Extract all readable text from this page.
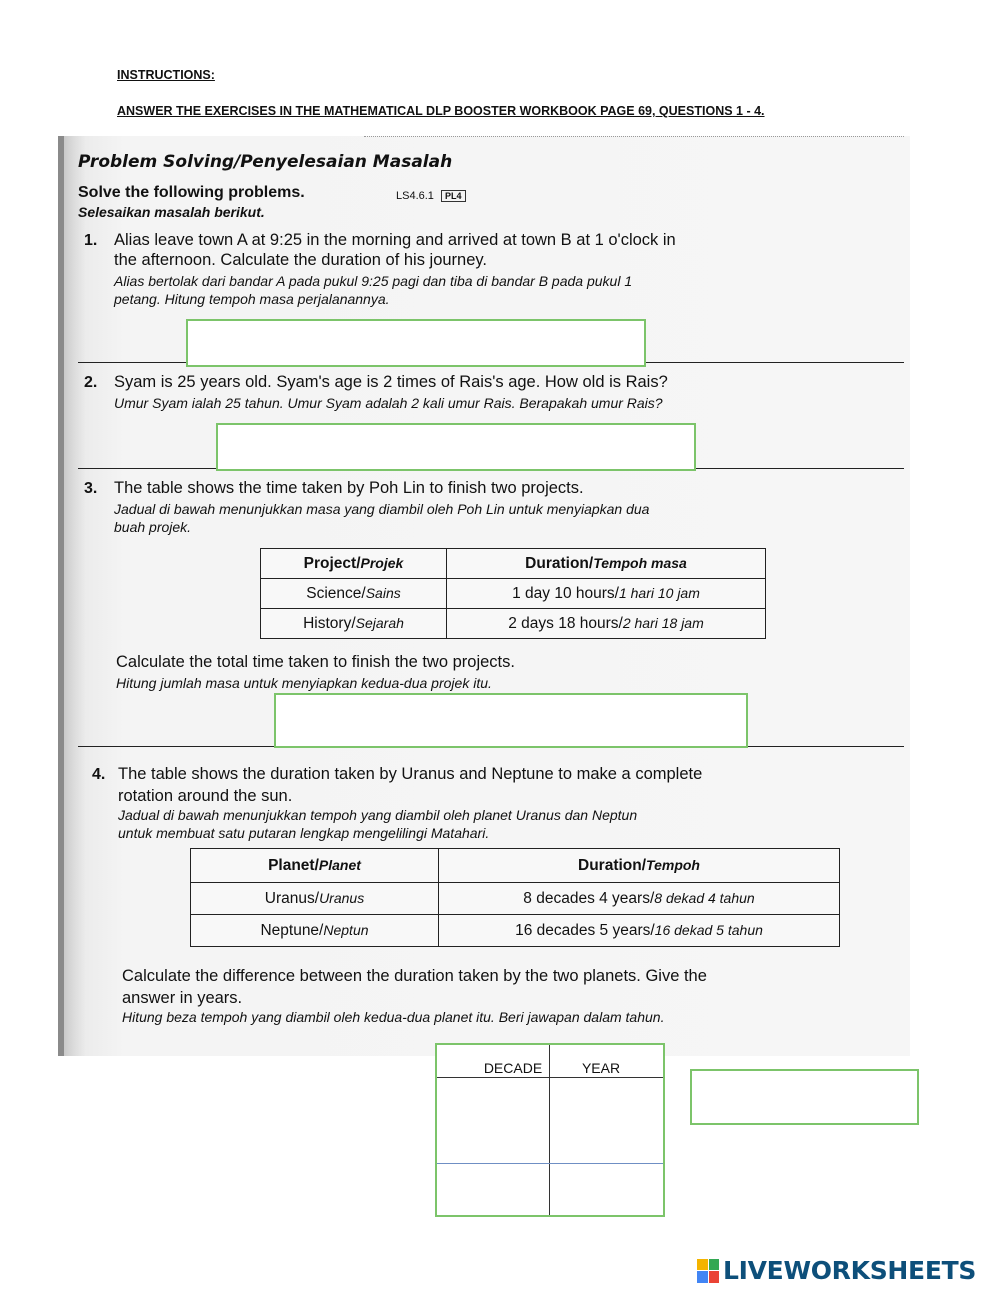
INSTRUCTIONS:
ANSWER THE EXERCISES IN THE MATHEMATICAL DLP BOOSTER WORKBOOK PAGE 69, QUESTIONS 1 - 4.
Problem Solving/Penyelesaian Masalah
Solve the following problems.	LS4.6.1 PL4
Selesaikan masalah berikut.
1. Alias leave town A at 9:25 in the morning and arrived at town B at 1 o'clock in
the afternoon. Calculate the duration of his journey.
Alias bertolak dari bandar A pada pukul 9:25 pagi dan tiba di bandar B pada pukul 1
petang. Hitung tempoh masa perjalanannya.
2. Syam is 25 years old. Syam's age is 2 times of Rais's age. How old is Rais?
Umur Syam ialah 25 tahun. Umur Syam adalah 2 kali umur Rais. Berapakah umur Rais?
3. The table shows the time taken by Poh Lin to finish two projects.
Jadual di bawah menunjukkan masa yang diambil oleh Poh Lin untuk menyiapkan dua
buah projek.
Project/Projek	Duration/Tempoh masa
Science/Sains	1 day 10 hours/1 hari 10 jam
History/Sejarah	2 days 18 hours/2 hari 18 jam
Calculate the total time taken to finish the two projects.
Hitung jumlah masa untuk menyiapkan kedua-dua projek itu.
4. The table shows the duration taken by Uranus and Neptune to make a complete
rotation around the sun.
Jadual di bawah menunjukkan tempoh yang diambil oleh planet Uranus dan Neptun
untuk membuat satu putaran lengkap mengelilingi Matahari.
Planet/Planet	Duration/Tempoh
Uranus/Uranus	8 decades 4 years/8 dekad 4 tahun
Neptune/Neptun	16 decades 5 years/16 dekad 5 tahun
Calculate the difference between the duration taken by the two planets. Give the
answer in years.
Hitung beza tempoh yang diambil oleh kedua-dua planet itu. Beri jawapan dalam tahun.
DECADE	YEAR
LIVEWORKSHEETS
